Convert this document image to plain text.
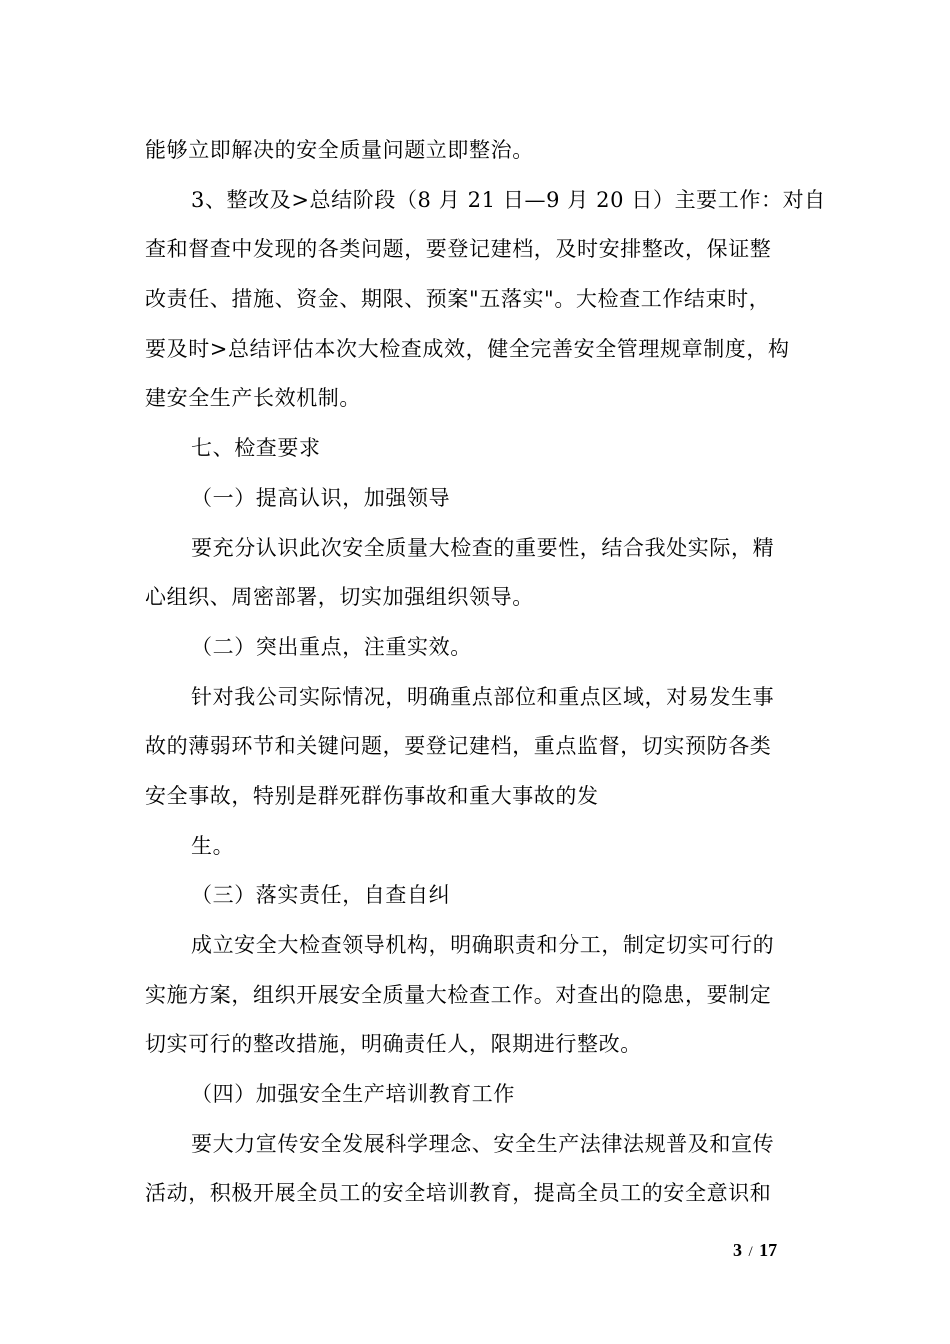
能够立即解决的安全质量问题立即整治。
3、整改及>总结阶段（8 月 21 日—9 月 20 日）主要工作：对自
查和督查中发现的各类问题，要登记建档，及时安排整改，保证整
改责任、措施、资金、期限、预案"五落实"。大检查工作结束时，
要及时>总结评估本次大检查成效，健全完善安全管理规章制度，构
建安全生产长效机制。
七、检查要求
（一）提高认识，加强领导
要充分认识此次安全质量大检查的重要性，结合我处实际，精
心组织、周密部署，切实加强组织领导。
（二）突出重点，注重实效。
针对我公司实际情况，明确重点部位和重点区域，对易发生事
故的薄弱环节和关键问题，要登记建档，重点监督，切实预防各类
安全事故，特别是群死群伤事故和重大事故的发
生。
（三）落实责任，自查自纠
成立安全大检查领导机构，明确职责和分工，制定切实可行的
实施方案，组织开展安全质量大检查工作。对查出的隐患，要制定
切实可行的整改措施，明确责任人，限期进行整改。
（四）加强安全生产培训教育工作
要大力宣传安全发展科学理念、安全生产法律法规普及和宣传
活动，积极开展全员工的安全培训教育，提高全员工的安全意识和
3 / 17
